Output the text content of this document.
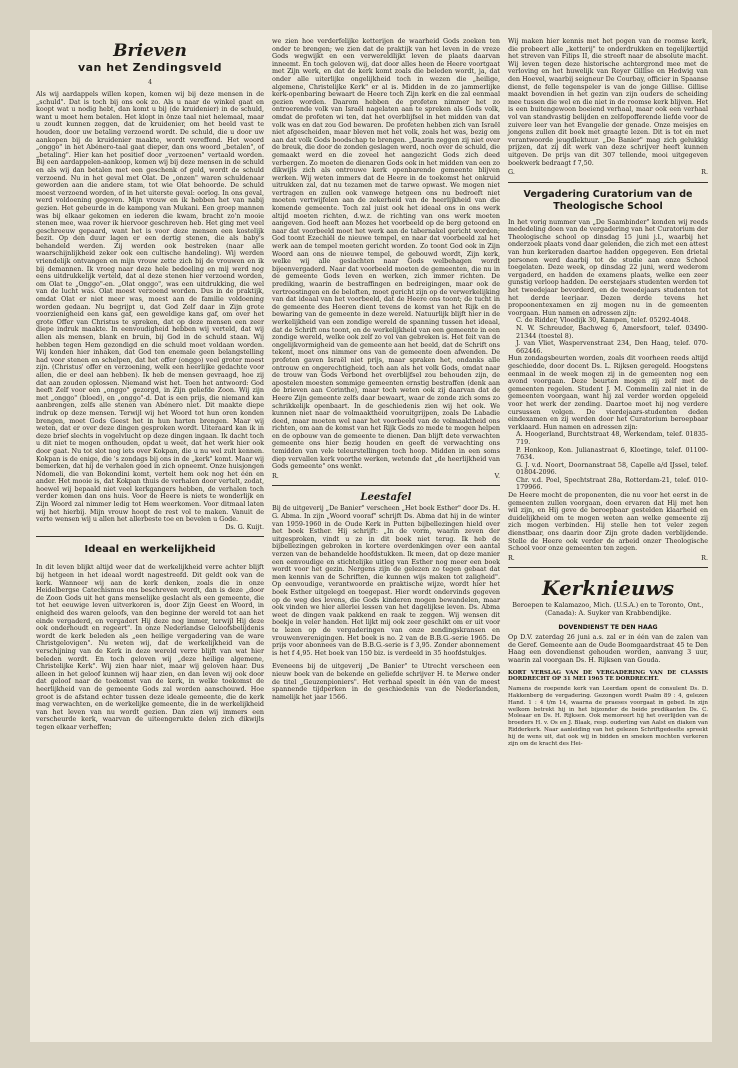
Brieven
van het Zendingsveld
4

Als wij aardappels willen kopen, komen wij bij deze mensen in de „schuld". Dat is toch bij ons ook zo. Als u naar de winkel gaat en koopt wat u nodig hebt, dan komt u bij (de kruidenier) in de schuld, want u moet hem betalen. Het klopt in önze taal niet helemaal, maar u zoudt kunnen zeggen, dat de kruidenier, om het beeld vast te houden, door uw betaling verzoend wordt. De schuld, die u door uw aankopen bij de kruidenier maakte, wordt vereffend. Het woord „onggo" in het Abénero-taal gaat dieper, dan ons woord „betalen", of „betaling". Hier kan het positief door „verzoenen" vertaald worden. Bij een aardappelen-aankoop, komen wij bij deze mensen in de schuld en als wij dan betalen met een geschenk of geld, wordt de schuld verzoend. Nu in het geval met Olat. De „onzen" waren schuldenaar geworden aan die andere stam, tot wie Olat behoorde. De schuld moest verzoend worden, of in het uiterste geval: oorlog. In ons geval, werd voldoening gegeven. Mijn vrouw en ik hebben het van nabij gezien. Het gebeurde in de kampong van Mukani. Een groep mannen was bij elkaar gekomen en iederen die kwam, bracht zo'n mooie stenen mee, waa rover ik hiervoor geschreven heb. Het ging met veel geschreeuw gepaard, want het is voor deze mensen een kostelijk bezit. Op den duur lagen er een dertig stenen, die als baby's behandeld werden. Zij werden ook bestreken (naar alle waarschijnlijkheid zeker ook een cultische handeling). Wij werden vriendelijk ontvangen en mijn vrouw zette zich bij de vrouwen en ik bij demannen. Ik vroeg naar deze hele bedoeling en mij werd nog eens uitdrukkelijk verteld, dat al deze stenen hier verzoend worden, om Olat te „Onggo"-en. „Olat onggo", was een uitdrukking, die wel van de lucht was. Olat moest verzoend worden. Dus in de praktijk, omdat Olat er niet meer was, moest aan de familie voldoening worden gedaan. Nu begrijpt u, dat God Zelf daar in Zijn grote voorzienigheid een kans gaf, een geweldige kans gaf, om over het grote Offer van Christus te spreken, dat op deze mensen een zeer diepe indruk maakte. In eenvoudigheid hebben wij verteld, dat wij allen als mensen, blank en bruin, bij God in de schuld staan. Wij hebben tegen Hem gezondigd en die schuld moet voldaan worden. Wij konden hier inhaken, dat God ten enemale geen belangstelling had voor stenen en schelpen, dat het offer (onggo) veel groter moest zijn. (Christus' offer en verzoening, welk een heerlijke gedachte voor allen, die er deel aan hebben). Ik heb de mensen gevraagd, hoe zij dat aan zouden oplossen. Niemand wist het. Toen het antwoord: God heeft Zelf voor een „onggo" gezorgd, in Zijn geliefde Zoon. Wij zijn met „onggo" (bloed), en „onggo"-d. Dat is een prijs, die niemand kan aanbrengen, zelfs alle stenen van Abénero niet. Dit maakte diepe indruk op deze mensen. Terwijl wij het Woord tot hun oren konden brengen, moet Gods Geest het in hun harten brengen. Maar wij weten, dat er over deze dingen gesproken wordt. Uiteraard kan ik in deze brief slechts in vogelvlucht op deze dingen ingaan. Ik dacht toch u dit niet te mogen onthouden, opdat u weet, dat het werk hier ook door gaat. Nu tot slot nog iets over Kokpan, die u nu wel zult kennen. Kokpan is de enige, die 's zondags bij ons in de „kerk" komt. Maar wij bemerken, dat hij de verhalen goed in zich opneemt. Onze huisjongen Ndomeli, die van Bokondini komt, vertelt hem ook nog het één en ander. Het mooie is, dat Kokpan thuis de verhalen door vertelt, zodat, hoewel wij bepaald niet veel kerkgangers hebben, de verhalen toch verder komen dan ons huis. Voor de Heere is niets te wonderlijk en Zijn Woord zal nimmer ledig tot Hem weerkomen. Voor ditmaal laten wij het hierbij. Mijn vrouw hoopt de rest vol te maken. Vanuit de verte wensen wij u allen het allerbeste toe en bevelen u Gode.

Ds. G. Kuijt.
Ideaal en werkelijkheid

In dit leven blijkt altijd weer dat de werkelijkheid verre achter blijft bij hetgeen in het ideaal wordt nagestreefd. Dit geldt ook van de kerk. Wanneer wij aan de kerk denken, zoals die in onze Heidelbergse Catechismus ons beschreven wordt, dan is deze „door de Zoon Gods uit het gans menselijke geslacht als een gemeente, die tot het eeuwige leven uitverkoren is, door Zijn Geest en Woord, in enigheid des waren geloofs, van den beginne der wereld tot aan het einde vergaderd, en vergadert Hij deze nog immer, terwijl Hij deze ook onderhoudt en regeert". In onze Nederlandse Geloofsbelijdenis wordt de kerk beleden als „een heilige vergadering van de ware Christgelovigen". Nu weten wij, dat de werkelijkheid van de verschijning van de Kerk in deze wereld verre blijft van wat hier beleden wordt. En toch geloven wij „deze heilige algemene, Christelijke Kerk". Wij zien haar niet, maar wij geloven haar. Dus alleen in het geloof kunnen wij haar zien, en dan leven wij ook door dat geloof naar de toekomst van de kerk, in welke toekomst de heerlijkheid van de gemeente Gods zal worden aanschouwd. Hoe groot is de afstand echter tussen deze ideale gemeente, die de kerk mag verwachten, en de werkelijke gemeente, die in de werkelijkheid van het leven van nu wordt gezien. Dan zien wij immers een verscheurde kerk, waarvan de uiteengerukte delen zich dikwijls tegen elkaar verheffen;

we zien hoe verderfelijke ketterijen de waarheid Gods zoeken ten onder te brengen; we zien dat de praktijk van het leven in de vreze Gods wegwijkt en een verwereldlijkt leven de plaats daarvan inneemt. En toch geloven wij, dat door alles heen de Heere voortgaat met Zijn werk, en dat de kerk komt zoals die beleden wordt, ja, dat onder alle uiterlijke ongelijkheid toch in wezen die „heilige, algemene, Christelijke Kerk" er al is. Midden in de zo jammerlijke kerk-openbaring bewaart de Heere toch Zijn kerk en die zal eenmaal gezien worden. Daarom hebben de profeten nimmer het zo ontroerende volk van Israël nagelaten aan te spreken als Gods volk, omdat de profeten wi ten, dat het overblijfsel in het midden van dat volk was en dat zou God bewaren. De profeten hebben zich van Israël niet afgescheiden, maar bleven met het volk, zoals het was, bezig om aan dat volk Gods boodschap te brengen. „Daarin zeggen zij niet over de breuk, die door de zonden geslagen werd, noch over de schuld, die gemaakt werd en die zoveel het aangezicht Gods zich deed verbergen. Zo moeten de dienaren Gods ook in het midden van een zo dikwijls zich als ontrouwe kerk openbarende gemeente blijven werken. Wij weten immers dat de Heere in de toekomst het onkruid uitrukken zal, dat nu tezamen met de tarwe opwast. We mogen niet vertragen en zullen ook vanwege hetgeen ons nu bedroeft niet moeten vertwijfelen aan de zekerheid van de heerlijkheid van die komende gemeente. Toch zal juist ook het ideaal ons in ons werk altijd moeten richten, d.w.z. de richting van ons werk moeten aangeven. God heeft aan Mozes het voorbeeld op de berg getoond en naar dat voorbeeld moet het werk aan de tabernakel gericht worden; God toont Ezechiël de nieuwe tempel, en naar dat voorbeeld zal het werk aan de tempel moeten gericht worden. Zo toont God ook in Zijn Woord aan ons de nieuwe tempel, de gebouwd wordt, Zijn kerk, welke wij alle geslachten naar Gods welbehagen wordt bijeenvergaderd. Naar dat voorbeeld moeten de gemeenten, die nu in de gemeente Gods leven en werken, zich immer richten. De prediking, waarin de bestraffingen en bedreigingen, maar ook de vertroostingen en de beloften, moet gericht zijn op de verwerkelijking van dat ideaal van het voorbeeld, dat de Heere ons toont; de tucht in de gemeente des Heeren dient tevens de komst van het Rijk en de bewaring van de gemeente in deze wereld. Natuurlijk blijft hier in de werkelijkheid van een zondige wereld de spanning tussen het ideaal, dat de Schrift ons toont, en de werkelijkheid van een gemeente in een zondige wereld, welke ook zelf zo vol van gebreken is. Het feit van de ongelijkvormigheid van de gemeente aan het beeld, dat de Schrift ons tekent, moet ons nimmer ons van de gemeente doen afwenden. De profeten gaven Israël niet prijs, maar spraken het, ondanks alle ontrouw en ongerechtigheid, toch aan als het volk Gods, omdat naar de trouw van Gods Verbond het overblijfsel zou behouden zijn, de apostelen moesten sommige gemeenten ernstig bestraffen (denk aan de brieven aan Corinthe), maar toch weten ook zij daarvan dat de Heere Zijn gemeente zelfs daar bewaart, waar de zonde zich soms zo schrikkelijk openbaart. In de geschiedenis zien wij het ook. We kunnen niet naar de volmaaktheid vooruitgrijpen, zoals De Labadie deed, maar moeten wel naar het voorbeeld van de volmaaktheid ons richten, om aan de komst van het Rijk Gods zo mede te mogen helpen en de opbouw van de gemeente te dienen. Dan blijft dete verwachten gemeente ons hier bezig houden en geeft de verwachting ons temidden van vele teleurstellingen toch hoop. Midden in een soms diep vervallen kerk voorthe werken, wetende dat „de heerlijkheid van Gods gemeente" ons wenkt.

R.	V.
Leestafel

Bij de uitgeverij „De Banier" verscheen „Het boek Esther" door Ds. H. G. Abma. In zijn „Woord vooraf" schrijft Ds. Abma dat hij in de winter van 1959-1960 in de Oude Kerk in Putten bijbellezingen hield over het boek Esther. Hij schrijft: „In de vorm, waarin zeven der uitgesproken, vindt u ze in dit boek niet terug. Ik heb de bijbellezingen gebroken in kortere overdenkingen over een aantal verzen van de behandelde hoofdstukken. Ik meen, dat op deze manier een eenvoudige en stichtelijke uitleg van Esther nog meer een boek wordt voor het gezin. Nergens zijn de gelezen zo tegen gebaat dat men kennis van de Schriften, die kunnen wijs maken tot zaligheid". Op eenvoudige, verantwoorde en praktische wijze, wordt hier het boek Esther uitgelegd en toegepast. Hier wordt ondervinds gegeven op de weg des levens, die Gods kinderen mogen bewandelen, maar ook vinden we hier allerlei lessen van het dagelijkse leven. Ds. Abma weet de dingen vaak pakkend en raak te zeggen. Wij wensen dit boekje in veler handen. Het lijkt mij ook zeer geschikt om er uit voor te lezen op de vergaderingen van onze zendingskransen en vrouwenverenigingen. Het boek is no. 2 van de B.B.G.-serie 1965. De prijs voor abonnees van de B.B.G.-serie is f 3,95. Zonder abonnement is het f 4,95. Het boek van 150 biz. is verdeeld in 35 hoofdstukjes.

Eveneens bij de uitgeverij „De Banier" te Utrecht verscheen een nieuw boek van de bekende en geliefde schrijver H. te Merwe onder de titel „Geuzenpioniers". Het verhaal speelt in één van de meest spannende tijdperken in de geschiedenis van de Nederlanden, namelijk het jaar 1566.

Wij maken hier kennis met het pogen van de roomse kerk, die probeert alle „ketterij" te onderdrukken en tegelijkertijd het streven van Filips II, die streeft naar de absolute macht. Wij leven tegen deze historische achtergrond mee met de verloving en het huwelijk van Reyer Gillise en Hedwig van den Hoevel, waarbij seigneur De Courbay, officier in Spaanse dienst, de felle tegenspeler is van de jonge Gillise. Gillise maakt bovendien in het gezin van zijn ouders de scheiding mee tussen die wel en die niet in de roomse kerk blijven. Het is een buitengewoon boeiend verhaal, maar ook een verhaal vol van standvastig belijden en zelfopofferende liefde voor de zuivere leer van het Evangelie der genade. Onze meisjes en jongens zullen dit boek met graagte lezen. Dit is tot en met verantwoorde jeugdlektuur. „De Banier" mag zich gelukkig prijzen, dat zij dit werk van deze schrijver heeft kunnen uitgeven. De prijs van dit 307 tellende, mooi uitgegeven boekwerk bedraagt f 7,50.

G.	R.
Vergadering Curatorium van de Theologische School

In het vorig nummer van „De Saambinder" konden wij reeds mededeling doen van de vergadering van het Curatorium der Theologische school op dinsdag 15 juni j.l., waarbij het onderzoek plaats vond daar gelenden, die zich met een attest van hun kerkeraden daartoe hadden opgegeven. Een drietal personen werd daarbij tot de studie aan onze School toegelaten. Deze week, op dinsdag 22 juni, werd wederom vergaderd, en hadden de examens plaats, welke een zeer gunstig verloop hadden. De eerstejaars studenten werden tot het tweedejaar bevorderd, en de tweedejaars studenten tot het derde leerjaar. Dezen derde tevens het propoonentexamen en zij mogen nu in de gemeenten voorgaan. Hun namen en adressen zijn:

C. de Ridder, Vloedijk 30, Kampen, telef. 05292-4048.
N. W. Schreuder, Bachweg 6, Amersfoort, telef. 03490-21344 (toestel 8).
J. van Vliet, Waspervenstraat 234, Den Haag, telef. 070-662446.

Hun zondagsbeurten worden, zoals dit voorheen reeds altijd geschiedde, door docent Ds. L. Rijksen geregeld. Hoogstens eenmaal in de week mogen zij in de gemeenten nog een avond voorgaan. Deze beurten mogen zij zelf met de gemeenten regelen. Student J. M. Commelin zal niet in de gemeenten voorgaan, want hij zal verder worden opgeleid voor het werk der zending. Daartoe moet hij nog verdere cursussen volgen. De vierdejaars-studenten deden eindexamen en zij werden door het Curatorium beroepbaar verklaard. Hun namen en adressen zijn:

A. Hoogerland, Burchtstraat 48, Werkendam, telef. 01835-719.
P. Honkoop, Kon. Julianastraat 6, Kloetinge, telef. 01100-7634.
G. J. v.d. Noort, Doornanstraat 58, Capelle a/d IJssel, telef. 01804-2096.
Chr. v.d. Poel, Spechtstraat 28a, Rotterdam-21, telef. 010-179966.

De Heere mocht de proponenten, die nu voor het eerst in de gemeenten zullen voorgaan, doen ervaren dat Hij met hen wil zijn, en Hij geve de beroepbaar gestelden klaarheid en duidelijkheid om te mogen weten aan welke gemeente zij zich mogen verbinden. Hij stelle hen tot veler zegen dienstbaar, ons daarin door Zijn grote daden verblijdende. Stelle de Heere ook verder de arbeid onzer Theologische School voor onze gemeenten ten zegen.

R.	R.
Kerknieuws

Beroepen te Kalamazoo, Mich. (U.S.A.) en te Toronto, Ont., (Canada): A. Suyker van Krabbendijke.

DOVENDIENST TE DEN HAAG

Op D.V. zaterdag 26 juni a.s. zal er in één van de zalen van de Geref. Gemeente aan de Oude Boomgaardstraat 45 te Den Haag een dovendienst gehouden worden, aanvang 3 uur, waarin zal voorgaan Ds. H. Rijksen van Gouda.

KORT VERSLAG VAN DE VERGADERING VAN DE CLASSIS DORDRECHT OP 31 MEI 1965 TE DORDRECHT.

Namens de roepende kerk van Leerdam opent de consulent Ds. D. Hakkenberg de vergadering. Gezongen wordt Psalm 89 : 4, gelezen Hand. 1 : 4 t/m 14, waarna de praeses voorgaat in gebed. In zijn welkom betrekt hij in het bijzonder de beide predikanten Ds. C. Moleaar en Ds. H. Rijksen. Ook memoreert hij het overlijden van de broeders H. v. Os en J. Blaak, resp. ouderling van Aalst en diaken van Ridderkerk. Naar aanleiding van het gelezen Schriftgedeelte spreekt hij de wens uit, dat ook wij in bidden en smeken mochten verkeren zijn om de kracht des Hei-
